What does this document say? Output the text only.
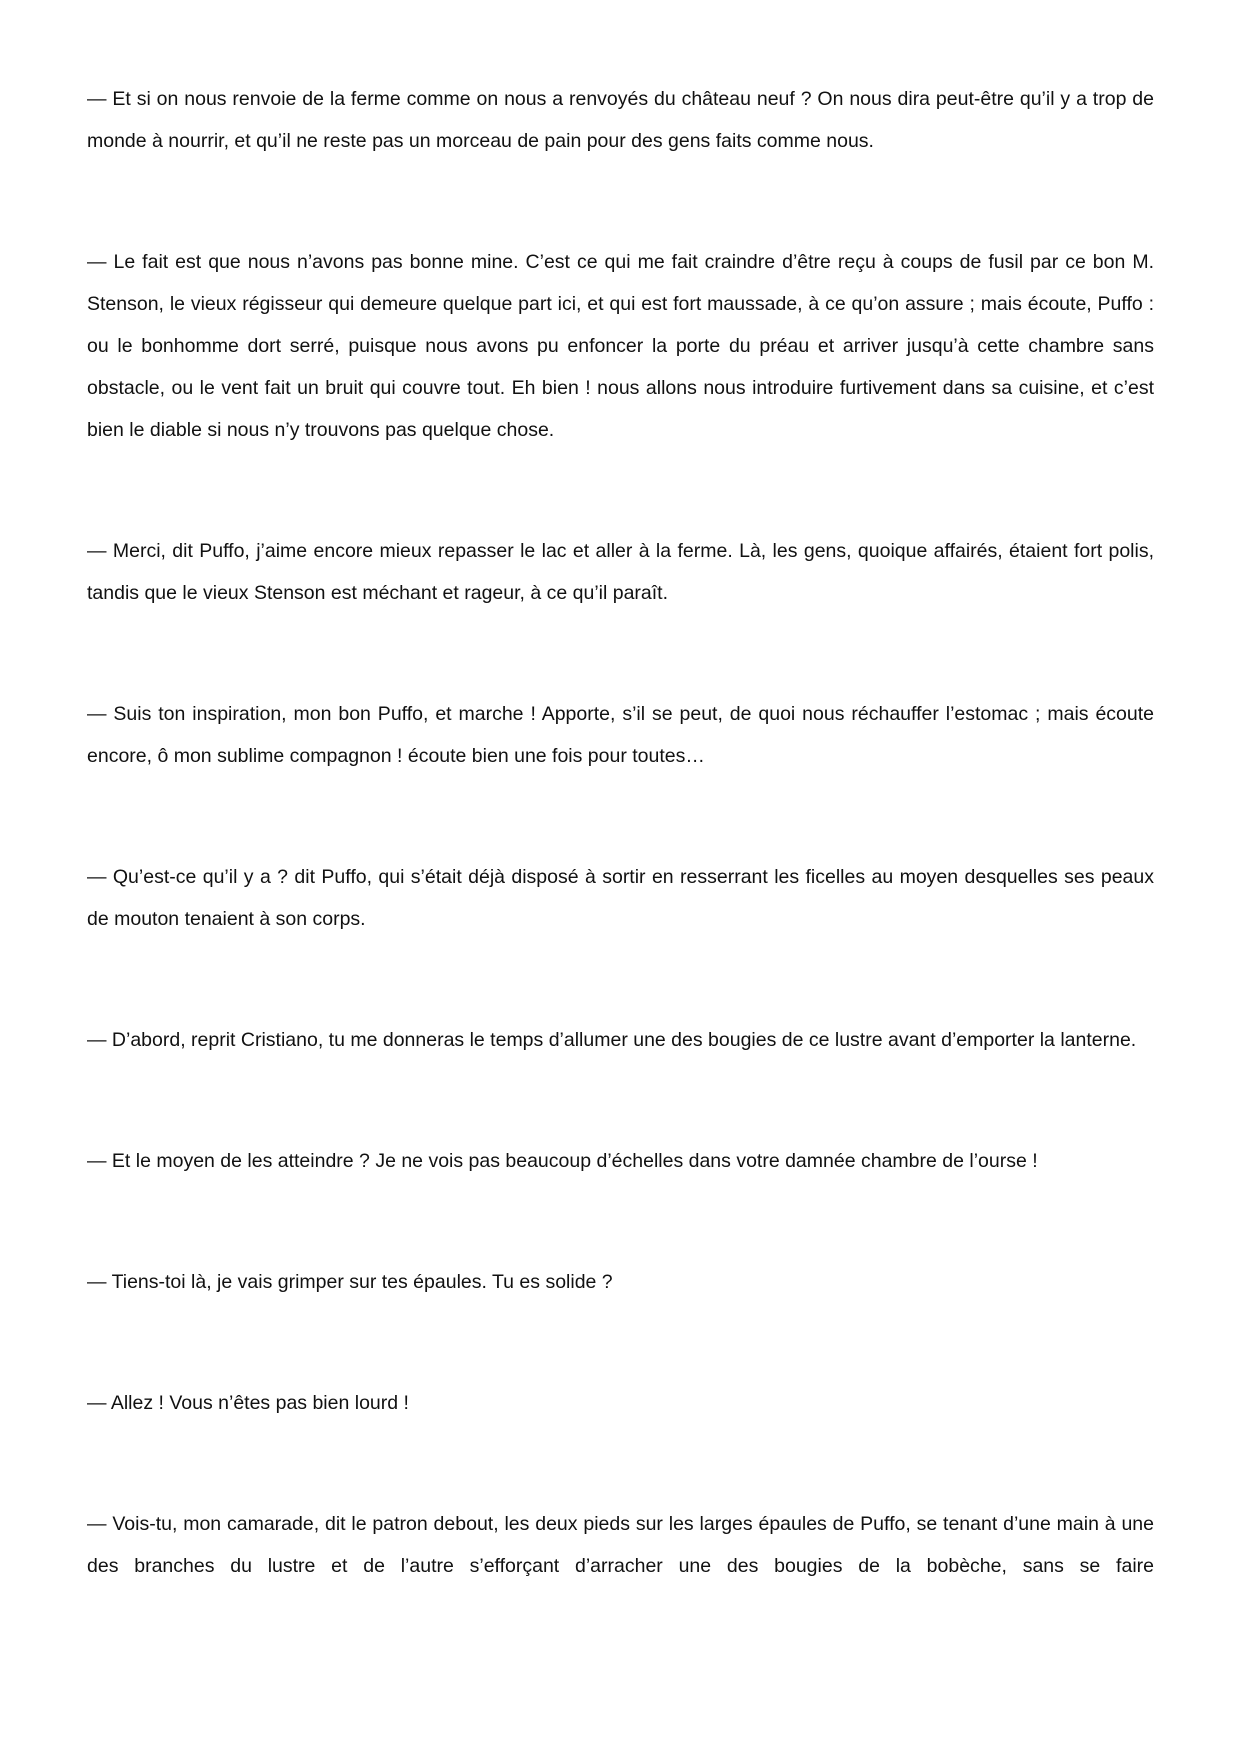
— Et si on nous renvoie de la ferme comme on nous a renvoyés du château neuf ? On nous dira peut-être qu’il y a trop de monde à nourrir, et qu’il ne reste pas un morceau de pain pour des gens faits comme nous.

— Le fait est que nous n’avons pas bonne mine. C’est ce qui me fait craindre d’être reçu à coups de fusil par ce bon M. Stenson, le vieux régisseur qui demeure quelque part ici, et qui est fort maussade, à ce qu’on assure ; mais écoute, Puffo : ou le bonhomme dort serré, puisque nous avons pu enfoncer la porte du préau et arriver jusqu’à cette chambre sans obstacle, ou le vent fait un bruit qui couvre tout. Eh bien ! nous allons nous introduire furtivement dans sa cuisine, et c’est bien le diable si nous n’y trouvons pas quelque chose.

— Merci, dit Puffo, j’aime encore mieux repasser le lac et aller à la ferme. Là, les gens, quoique affairés, étaient fort polis, tandis que le vieux Stenson est méchant et rageur, à ce qu’il paraît.

— Suis ton inspiration, mon bon Puffo, et marche ! Apporte, s’il se peut, de quoi nous réchauffer l’estomac ; mais écoute encore, ô mon sublime compagnon ! écoute bien une fois pour toutes…

— Qu’est-ce qu’il y a ? dit Puffo, qui s’était déjà disposé à sortir en resserrant les ficelles au moyen desquelles ses peaux de mouton tenaient à son corps.

— D’abord, reprit Cristiano, tu me donneras le temps d’allumer une des bougies de ce lustre avant d’emporter la lanterne.

— Et le moyen de les atteindre ? Je ne vois pas beaucoup d’échelles dans votre damnée chambre de l’ourse !

— Tiens-toi là, je vais grimper sur tes épaules. Tu es solide ?

— Allez ! Vous n’êtes pas bien lourd !

— Vois-tu, mon camarade, dit le patron debout, les deux pieds sur les larges épaules de Puffo, se tenant d’une main à une des branches du lustre et de l’autre s’efforçant d’arracher une des bougies de la bobèche, sans se faire
